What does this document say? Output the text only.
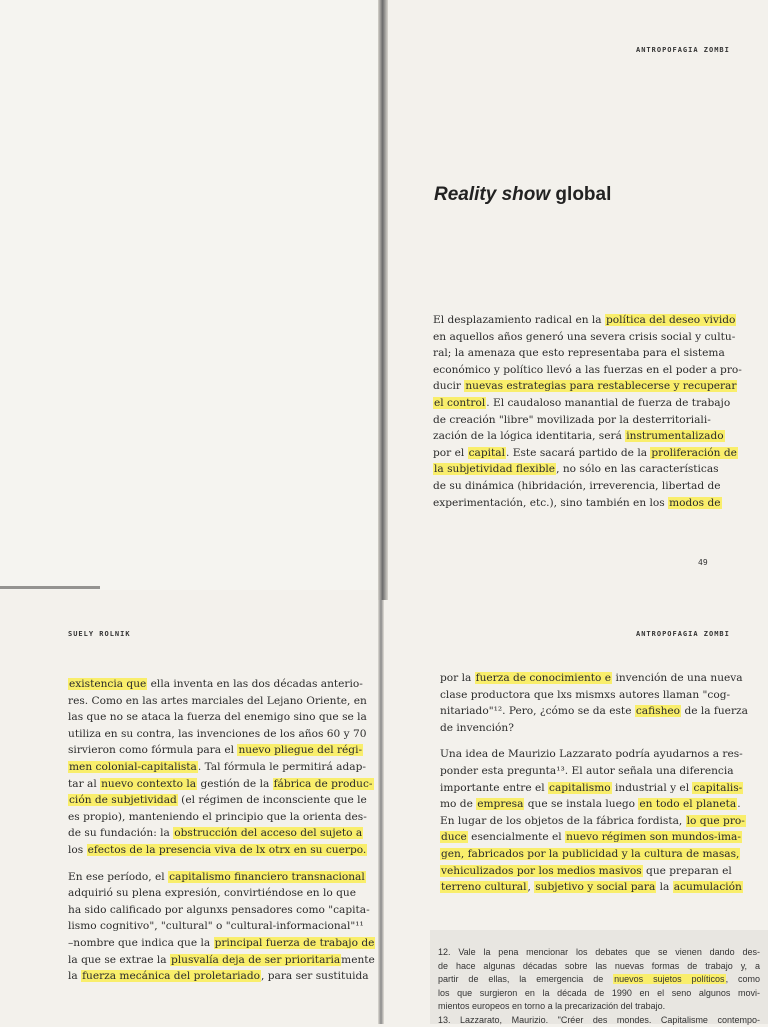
ANTROPOFAGIA ZOMBI
Reality show global
El desplazamiento radical en la política del deseo vivido
en aquellos años generó una severa crisis social y cultu-
ral; la amenaza que esto representaba para el sistema
económico y político llevó a las fuerzas en el poder a pro-
ducir nuevas estrategias para restablecerse y recuperar
el control. El caudaloso manantial de fuerza de trabajo
de creación "libre" movilizada por la desterritoriali-
zación de la lógica identitaria, será instrumentalizado
por el capital. Este sacará partido de la proliferación de
la subjetividad flexible, no sólo en las características
de su dinámica (hibridación, irreverencia, libertad de
experimentación, etc.), sino también en los modos de
49
SUELY ROLNIK
existencia que ella inventa en las dos décadas anterio-
res. Como en las artes marciales del Lejano Oriente, en
las que no se ataca la fuerza del enemigo sino que se la
utiliza en su contra, las invenciones de los años 60 y 70
sirvieron como fórmula para el nuevo pliegue del régi-
men colonial-capitalista. Tal fórmula le permitirá adap-
tar al nuevo contexto la gestión de la fábrica de produc-
ción de subjetividad (el régimen de inconsciente que le
es propio), manteniendo el principio que la orienta des-
de su fundación: la obstrucción del acceso del sujeto a
los efectos de la presencia viva de lx otrx en su cuerpo.
En ese período, el capitalismo financiero transnacional
adquirió su plena expresión, convirtiéndose en lo que
ha sido calificado por algunxs pensadores como "capita-
lismo cognitivo", "cultural" o "cultural-informacional"¹¹
–nombre que indica que la principal fuerza de trabajo de
la que se extrae la plusvalía deja de ser prioritariamente
la fuerza mecánica del proletariado, para ser sustituida
ANTROPOFAGIA ZOMBI
por la fuerza de conocimiento e invención de una nueva
clase productora que lxs mismxs autores llaman "cog-
nitariado"¹². Pero, ¿cómo se da este cafisheo de la fuerza
de invención?
Una idea de Maurizio Lazzarato podría ayudarnos a res-
ponder esta pregunta¹³. El autor señala una diferencia
importante entre el capitalismo industrial y el capitalis-
mo de empresa que se instala luego en todo el planeta.
En lugar de los objetos de la fábrica fordista, lo que pro-
duce esencialmente el nuevo régimen son mundos-ima-
gen, fabricados por la publicidad y la cultura de masas,
vehiculizados por los medios masivos que preparan el
terreno cultural, subjetivo y social para la acumulación
12. Vale la pena mencionar los debates que se vienen dando des-
de hace algunas décadas sobre las nuevas formas de trabajo y, a
partir de ellas, la emergencia de nuevos sujetos políticos, como
los que surgieron en la década de 1990 en el seno algunos movi-
mientos europeos en torno a la precarización del trabajo.
13. Lazzarato, Maurizio. "Créer des mondes. Capitalisme contempo-
